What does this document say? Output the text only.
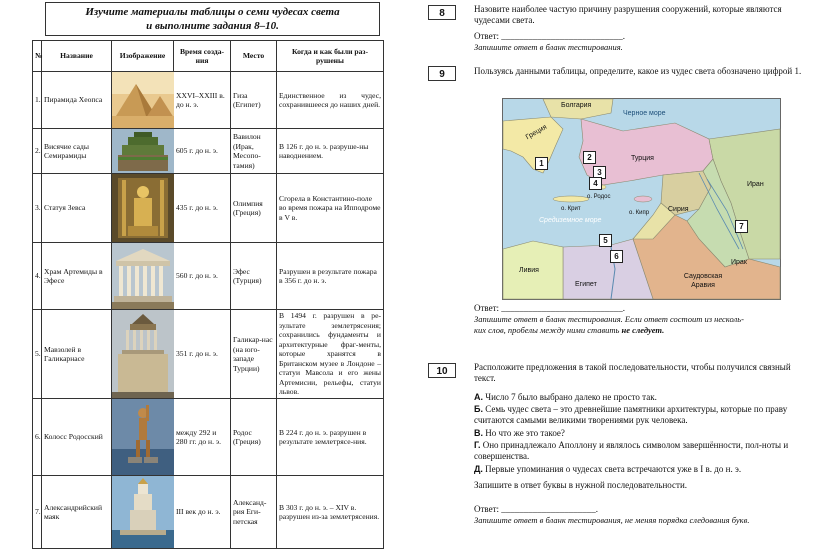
Изучите материалы таблицы о семи чудесах света
и выполните задания 8–10.
№	Название	Изображение	Время созда-ния	Место	Когда и как были раз-рушены
1.	Пирамида Хеопса		XXVI–XXIII в. до н. э.	Гиза (Египет)	Единственное из чудес, сохранившееся до наших дней.
2.	Висячие сады Семирамиды		605 г. до н. э.	Вавилон (Ирак, Месопо-тамия)	В 126 г. до н. э. разруше-ны наводнением.
3.	Статуя Зевса		435 г. до н. э.	Олимпия (Греция)	Сгорела в Константино-поле во время пожара на Ипподроме в V в.
4.	Храм Артемиды в Эфесе		560 г. до н. э.	Эфес (Турция)	Разрушен в результате пожара в 356 г. до н. э.
5.	Мавзолей в Галикарнасе		351 г. до н. э.	Галикар-нас (на юго-западе Турции)	В 1494 г. разрушен в ре-зультате землетрясения; сохранились фундаменты и архитектурные фраг-менты, которые хранятся в Британском музее в Лондоне – статуи Мавсола и его жены Артемисии, рельефы, статуи львов.
6.	Колосс Родосский		между 292 и 280 гг. до н. э.	Родос (Греция)	В 224 г. до н. э. разрушен в результате землетрясе-ния.
7.	Александрийский маяк		III век до н. э.	Александ-рия Еги-петская	В 303 г. до н. э. – XIV в. разрушен из-за землетрясения.
8	Назовите наиболее частую причину разрушения сооружений, которые являются чудесами света.
Ответ: ___________________________.
Запишите ответ в бланк тестирования.
9	Пользуясь данными таблицы, определите, какое из чудес света обозначено цифрой 1.
Болгария
Черное море
Греция
Турция
о. Родос
о. Крит
о. Кипр	Сирия
Средиземное море
Иран
Ирак
Ливия
Египет
Саудовская Аравия
1
2
3
4
5
6
7
Ответ: ___________________________.
Запишите ответ в бланк тестирования. Если ответ состоит из несколь-
ких слов, пробелы между ними ставить не следует.
10	Расположите предложения в такой последовательности, чтобы получился связный текст.
А. Число 7 было выбрано далеко не просто так.
Б. Семь чудес света – это древнейшие памятники архитектуры, которые по праву считаются самыми великими творениями рук человека.
В. Но что же это такое?
Г. Оно принадлежало Аполлону и являлось символом завершённости, пол-ноты и совершенства.
Д. Первые упоминания о чудесах света встречаются уже в I в. до н. э.
Запишите в ответ буквы в нужной последовательности.
Ответ: _____________________.
Запишите ответ в бланк тестирования, не меняя порядка следования букв.
